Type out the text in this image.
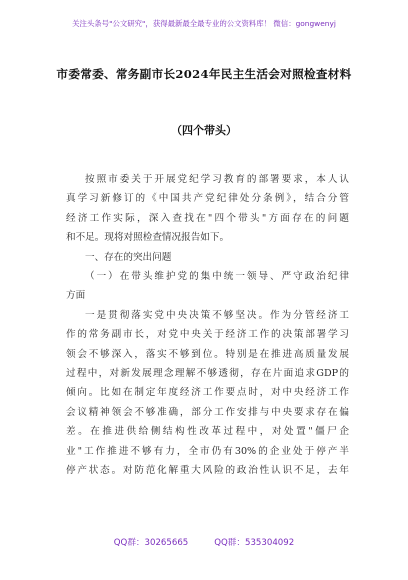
关注头条号"公文研究"，获得最新最全最专业的公文资料库！ 微信：gongwenyj
市委常委、常务副市长2024年民主生活会对照检查材料
（四个带头）
按照市委关于开展党纪学习教育的部署要求，本人认
真学习新修订的《中国共产党纪律处分条例》，结合分管
经济工作实际，深入查找在"四个带头"方面存在的问题
和不足。现将对照检查情况报告如下。
一、存在的突出问题
（一）在带头维护党的集中统一领导、严守政治纪律
方面
一是贯彻落实党中央决策不够坚决。作为分管经济工
作的常务副市长，对党中央关于经济工作的决策部署学习
领会不够深入，落实不够到位。特别是在推进高质量发展
过程中，对新发展理念理解不够透彻，存在片面追求GDP的
倾向。比如在制定年度经济工作要点时，对中央经济工作
会议精神领会不够准确，部分工作安排与中央要求存在偏
差。在推进供给侧结构性改革过程中，对处置"僵尸企
业"工作推进不够有力，全市仍有30%的企业处于停产半
停产状态。对防范化解重大风险的政治性认识不足，去年
QQ群：30265665	QQ群：535304092
